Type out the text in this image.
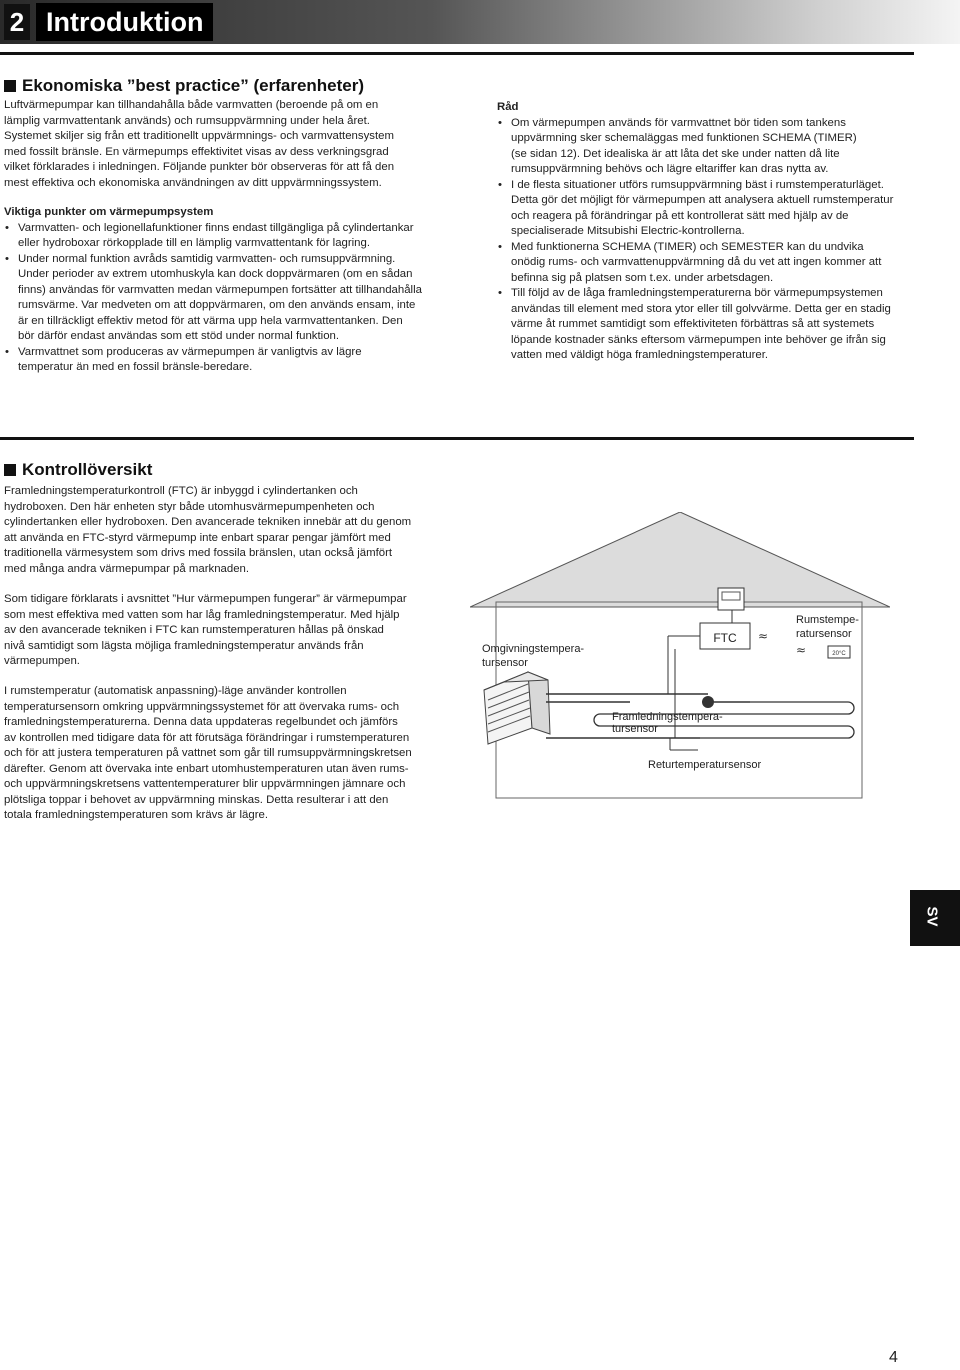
2 Introduktion
Ekonomiska ”best practice” (erfarenheter)

Luftvärmepumpar kan tillhandahålla både varmvatten (beroende på om en

lämplig varmvattentank används) och rumsuppvärmning under hela året.

Systemet skiljer sig från ett traditionellt uppvärmnings- och varmvattensystem

med fossilt bränsle. En värmepumps effektivitet visas av dess verkningsgrad

vilket förklarades i inledningen. Följande punkter bör observeras för att få den

mest effektiva och ekonomiska användningen av ditt uppvärmningssystem.

Viktiga punkter om värmepumpsystem

• Varmvatten- och legionellafunktioner finns endast tillgängliga på cylindertankar

eller hydroboxar rörkopplade till en lämplig varmvattentank för lagring.

• Under normal funktion avråds samtidig varmvatten- och rumsuppvärmning.

Under perioder av extrem utomhuskyla kan dock doppvärmaren (om en sådan

finns) användas för varmvatten medan värmepumpen fortsätter att tillhandahålla

rumsvärme. Var medveten om att doppvärmaren, om den används ensam, inte

är en tillräckligt effektiv metod för att värma upp hela varmvattentanken. Den

bör därför endast användas som ett stöd under normal funktion.

• Varmvattnet som produceras av värmepumpen är vanligtvis av lägre

temperatur än med en fossil bränsle-beredare.

Råd

• Om värmepumpen används för varmvattnet bör tiden som tankens

uppvärmning sker schemaläggas med funktionen SCHEMA (TIMER)

(se sidan 12). Det idealiska är att låta det ske under natten då lite

rumsuppvärmning behövs och lägre eltariffer kan dras nytta av.

• I de flesta situationer utförs rumsuppvärmning bäst i rumstemperaturläget.

Detta gör det möjligt för värmepumpen att analysera aktuell rumstemperatur

och reagera på förändringar på ett kontrollerat sätt med hjälp av de

specialiserade Mitsubishi Electric-kontrollerna.

• Med funktionerna SCHEMA (TIMER) och SEMESTER kan du undvika

onödig rums- och varmvattenuppvärmning då du vet att ingen kommer att

befinna sig på platsen som t.ex. under arbetsdagen.

• Till följd av de låga framledningstemperaturerna bör värmepumpsystemen

användas till element med stora ytor eller till golvvärme. Detta ger en stadig

värme åt rummet samtidigt som effektiviteten förbättras så att systemets

löpande kostnader sänks eftersom värmepumpen inte behöver ge ifrån sig

vatten med väldigt höga framledningstemperaturer.

Kontrollöversikt

Framledningstemperaturkontroll (FTC) är inbyggd i cylindertanken och

hydroboxen. Den här enheten styr både utomhusvärmepumpenheten och

cylindertanken eller hydroboxen. Den avancerade tekniken innebär att du genom

att använda en FTC-styrd värmepump inte enbart sparar pengar jämfört med

traditionella värmesystem som drivs med fossila bränslen, utan också jämfört

med många andra värmepumpar på marknaden.

Som tidigare förklarats i avsnittet ”Hur värmepumpen fungerar” är värmepumpar

som mest effektiva med vatten som har låg framledningstemperatur. Med hjälp

av den avancerade tekniken i FTC kan rumstemperaturen hållas på önskad

nivå samtidigt som lägsta möjliga framledningstemperatur används från

värmepumpen.

I rumstemperatur (automatisk anpassning)-läge använder kontrollen

temperatursensorn omkring uppvärmningssystemet för att övervaka rums- och

framledningstemperaturerna. Denna data uppdateras regelbundet och jämförs

av kontrollen med tidigare data för att förutsäga förändringar i rumstemperaturen

och för att justera temperaturen på vattnet som går till rumsuppvärmningskretsen

därefter. Genom att övervaka inte enbart utomhustemperaturen utan även rums-

och uppvärmningskretsens vattentemperaturer blir uppvärmningen jämnare och

plötsliga toppar i behovet av uppvärmning minskas. Detta resulterar i att den

totala framledningstemperaturen som krävs är lägre.

FTC ≈
≈
Rumstempe-
ratursensor
20°C
Omgivningstempera-
tursensor
Framledningstempera-
tursensor
Returtemperatursensor
SV
4
